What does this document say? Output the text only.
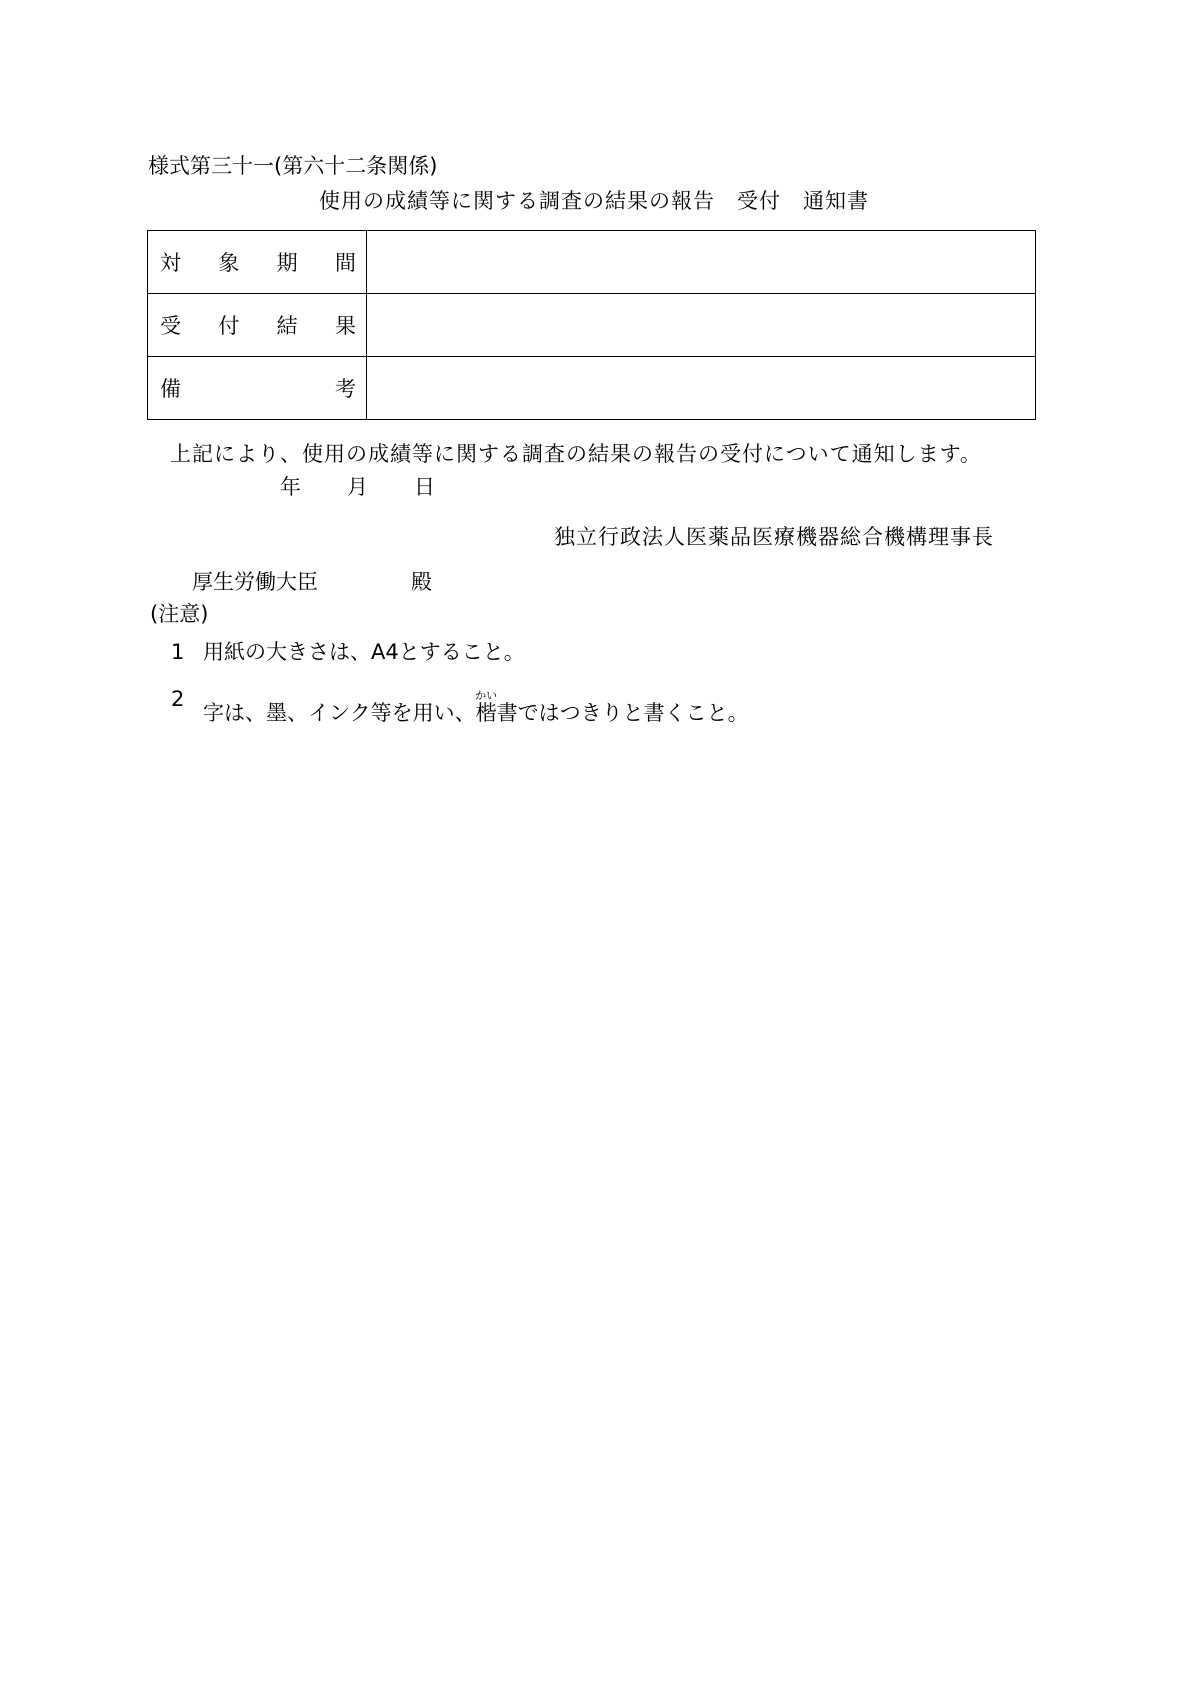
様式第三十一(第六十二条関係)
使用の成績等に関する調査の結果の報告　受付　通知書
対 象 期 間	

受 付 結 果	

備 考	

上記により、使用の成績等に関する調査の結果の報告の受付について通知します。
年 月 日
独立行政法人医薬品医療機器総合機構理事長
厚生労働大臣	殿
(注意)
1 用紙の大きさは、A4とすること。
2
字は、墨、インク等を用い、楷かい書ではつきりと書くこと。
